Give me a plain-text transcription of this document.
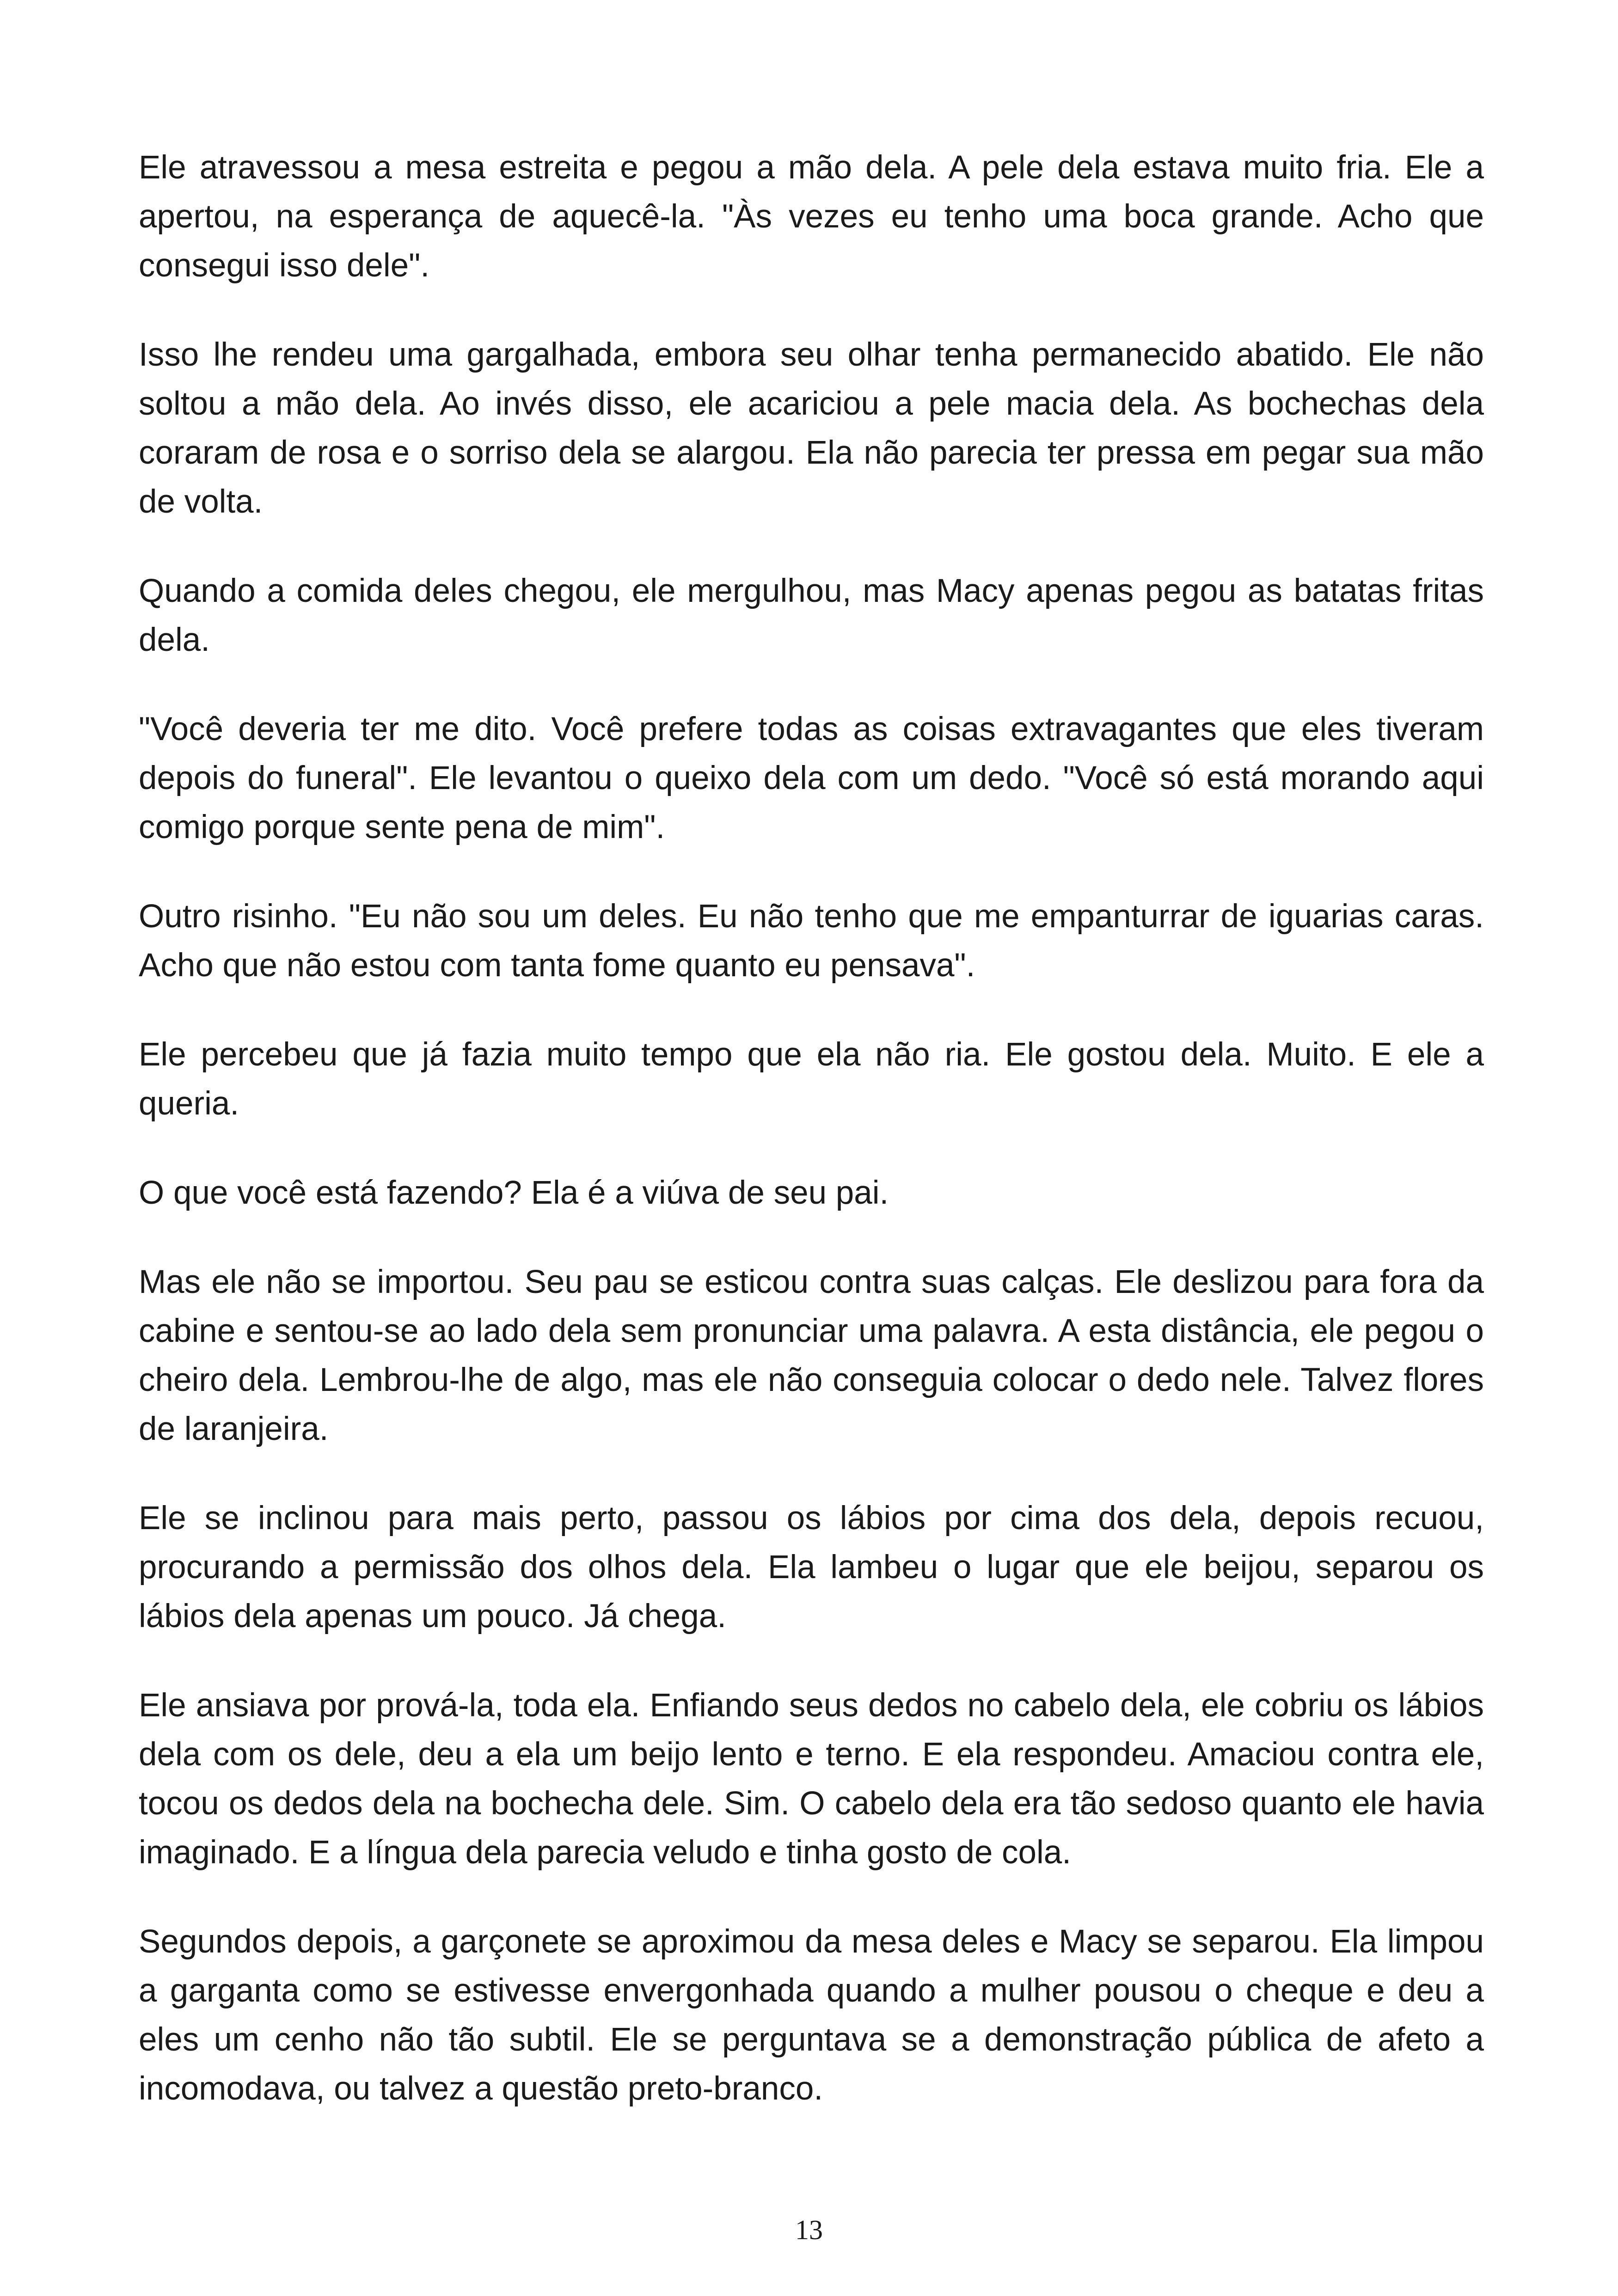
Ele atravessou a mesa estreita e pegou a mão dela. A pele dela estava muito fria. Ele a apertou, na esperança de aquecê-la. "Às vezes eu tenho uma boca grande. Acho que consegui isso dele".

Isso lhe rendeu uma gargalhada, embora seu olhar tenha permanecido abatido. Ele não soltou a mão dela. Ao invés disso, ele acariciou a pele macia dela. As bochechas dela coraram de rosa e o sorriso dela se alargou. Ela não parecia ter pressa em pegar sua mão de volta.

Quando a comida deles chegou, ele mergulhou, mas Macy apenas pegou as batatas fritas dela.

"Você deveria ter me dito. Você prefere todas as coisas extravagantes que eles tiveram depois do funeral". Ele levantou o queixo dela com um dedo. "Você só está morando aqui comigo porque sente pena de mim".

Outro risinho. "Eu não sou um deles. Eu não tenho que me empanturrar de iguarias caras. Acho que não estou com tanta fome quanto eu pensava".

Ele percebeu que já fazia muito tempo que ela não ria. Ele gostou dela. Muito. E ele a queria.

O que você está fazendo? Ela é a viúva de seu pai.

Mas ele não se importou. Seu pau se esticou contra suas calças. Ele deslizou para fora da cabine e sentou-se ao lado dela sem pronunciar uma palavra. A esta distância, ele pegou o cheiro dela. Lembrou-lhe de algo, mas ele não conseguia colocar o dedo nele. Talvez flores de laranjeira.

Ele se inclinou para mais perto, passou os lábios por cima dos dela, depois recuou, procurando a permissão dos olhos dela. Ela lambeu o lugar que ele beijou, separou os lábios dela apenas um pouco. Já chega.

Ele ansiava por prová-la, toda ela. Enfiando seus dedos no cabelo dela, ele cobriu os lábios dela com os dele, deu a ela um beijo lento e terno. E ela respondeu. Amaciou contra ele, tocou os dedos dela na bochecha dele. Sim. O cabelo dela era tão sedoso quanto ele havia imaginado. E a língua dela parecia veludo e tinha gosto de cola.

Segundos depois, a garçonete se aproximou da mesa deles e Macy se separou. Ela limpou a garganta como se estivesse envergonhada quando a mulher pousou o cheque e deu a eles um cenho não tão subtil. Ele se perguntava se a demonstração pública de afeto a incomodava, ou talvez a questão preto-branco.

13
